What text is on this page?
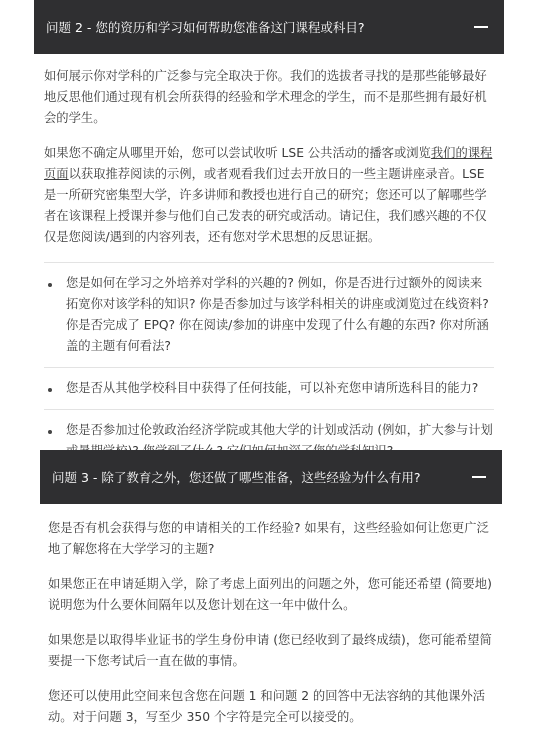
问题 2 - 您的资历和学习如何帮助您准备这门课程或科目?

如何展示你对学科的广泛参与完全取决于你。我们的选拔者寻找的是那些能够最好地反思他们通过现有机会所获得的经验和学术理念的学生，而不是那些拥有最好机会的学生。

如果您不确定从哪里开始，您可以尝试收听 LSE 公共活动的播客或浏览我们的课程页面以获取推荐阅读的示例，或者观看我们过去开放日的一些主题讲座录音。LSE 是一所研究密集型大学，许多讲师和教授也进行自己的研究；您还可以了解哪些学者在该课程上授课并参与他们自己发表的研究或活动。请记住，我们感兴趣的不仅仅是您阅读/遇到的内容列表，还有您对学术思想的反思证据。

您是如何在学习之外培养对学科的兴趣的? 例如，你是否进行过额外的阅读来拓宽你对该学科的知识? 你是否参加过与该学科相关的讲座或浏览过在线资料? 你是否完成了 EPQ? 你在阅读/参加的讲座中发现了什么有趣的东西? 你对所涵盖的主题有何看法?
您是否从其他学校科目中获得了任何技能，可以补充您申请所选科目的能力?
您是否参加过伦敦政治经济学院或其他大学的计划或活动 (例如，扩大参与计划
问题 3 - 除了教育之外，您还做了哪些准备，这些经验为什么有用?

您是否有机会获得与您的申请相关的工作经验? 如果有，这些经验如何让您更广泛地了解您将在大学学习的主题?

如果您正在申请延期入学，除了考虑上面列出的问题之外，您可能还希望 (简要地) 说明您为什么要休间隔年以及您计划在这一年中做什么。

如果您是以取得毕业证书的学生身份申请 (您已经收到了最终成绩)，您可能希望简要提一下您考试后一直在做的事情。

您还可以使用此空间来包含您在问题 1 和问题 2 的回答中无法容纳的其他课外活动。对于问题 3，写至少 350 个字符是完全可以接受的。
